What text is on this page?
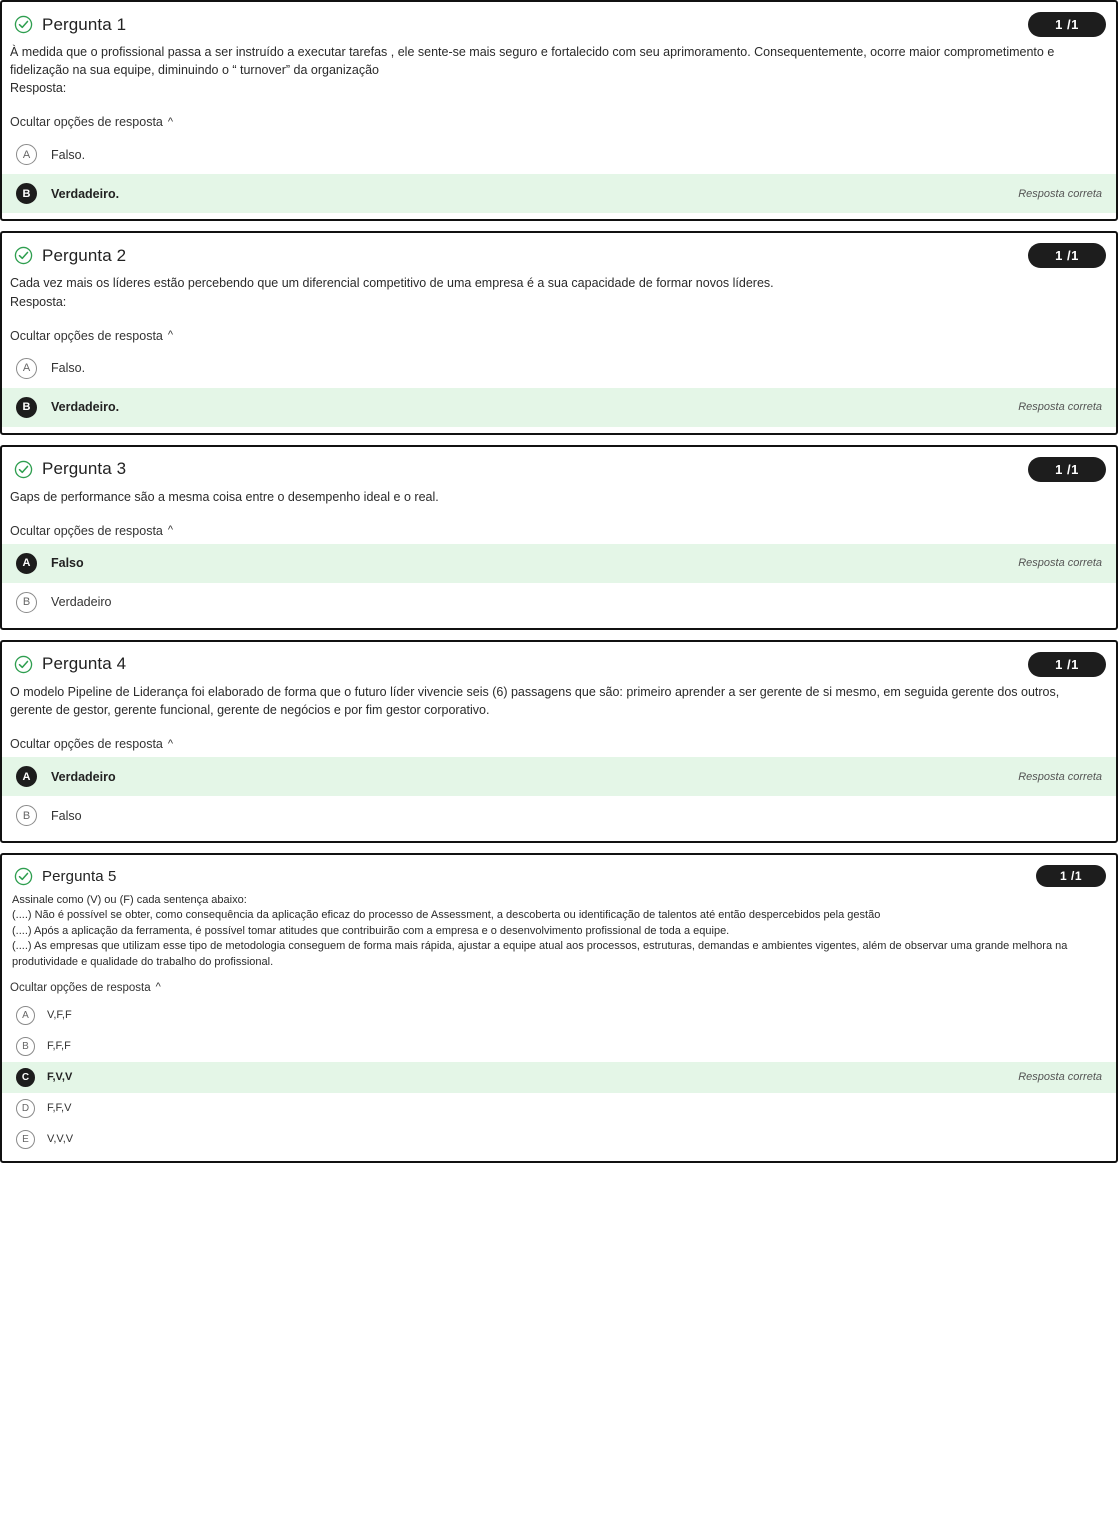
Pergunta 1	1 /1

À medida que o profissional passa a ser instruído a executar tarefas , ele sente-se mais seguro e fortalecido com seu aprimoramento. Consequentemente, ocorre maior comprometimento e fidelização na sua equipe, diminuindo o “ turnover” da organização

Resposta:

Ocultar opções de resposta ^
A	Falso.
B	Verdadeiro.	Resposta correta
Pergunta 2	1 /1

Cada vez mais os líderes estão percebendo que um diferencial competitivo de uma empresa é a sua capacidade de formar novos líderes.

Resposta:

Ocultar opções de resposta ^
A	Falso.
B	Verdadeiro.	Resposta correta
Pergunta 3	1 /1

Gaps de performance são a mesma coisa entre o desempenho ideal e o real.

Ocultar opções de resposta ^
A	Falso	Resposta correta
B	Verdadeiro
Pergunta 4	1 /1

O modelo Pipeline de Liderança foi elaborado de forma que o futuro líder vivencie seis (6) passagens que são: primeiro aprender a ser gerente de si mesmo, em seguida gerente dos outros, gerente de gestor, gerente funcional, gerente de negócios e por fim gestor corporativo.

Ocultar opções de resposta ^
A	Verdadeiro	Resposta correta
B	Falso
Pergunta 5	1 /1

Assinale como (V) ou (F) cada sentença abaixo:

(....) Não é possível se obter, como consequência da aplicação eficaz do processo de Assessment, a descoberta ou identificação de talentos até então despercebidos pela gestão

(....) Após a aplicação da ferramenta, é possível tomar atitudes que contribuirão com a empresa e o desenvolvimento profissional de toda a equipe.

(....) As empresas que utilizam esse tipo de metodologia conseguem de forma mais rápida, ajustar a equipe atual aos processos, estruturas, demandas e ambientes vigentes, além de observar uma grande melhora na produtividade e qualidade do trabalho do profissional.

Ocultar opções de resposta ^
A	V,F,F
B	F,F,F
C	F,V,V	Resposta correta
D	F,F,V
E	V,V,V
